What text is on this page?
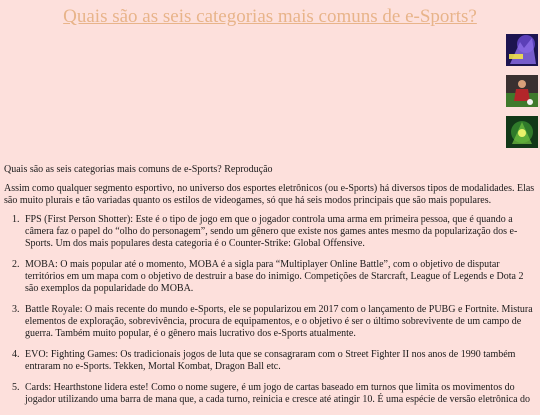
Quais são as seis categorias mais comuns de e-Sports?

Quais são as seis categorias mais comuns de e-Sports? Reprodução

Assim como qualquer segmento esportivo, no universo dos esportes eletrônicos (ou e-Sports) há diversos tipos de modalidades. Elas são muito plurais e tão variadas quanto os estilos de videogames, só que há seis modos principais que são mais populares.

1. FPS (First Person Shotter): Este é o tipo de jogo em que o jogador controla uma arma em primeira pessoa, que é quando a câmera faz o papel do “olho do personagem”, sendo um gênero que existe nos games antes mesmo da popularização dos e-Sports. Um dos mais populares desta categoria é o Counter-Strike: Global Offensive.
2. MOBA: O mais popular até o momento, MOBA é a sigla para “Multiplayer Online Battle”, com o objetivo de disputar territórios em um mapa com o objetivo de destruir a base do inimigo. Competições de Starcraft, League of Legends e Dota 2 são exemplos da popularidade do MOBA.
3. Battle Royale: O mais recente do mundo e-Sports, ele se popularizou em 2017 com o lançamento de PUBG e Fortnite. Mistura elementos de exploração, sobrevivência, procura de equipamentos, e o objetivo é ser o último sobrevivente de um campo de guerra. Também muito popular, é o gênero mais lucrativo dos e-Sports atualmente.
4. EVO: Fighting Games: Os tradicionais jogos de luta que se consagraram com o Street Fighter II nos anos de 1990 também entraram no e-Sports. Tekken, Mortal Kombat, Dragon Ball etc.
5. Cards: Hearthstone lidera este! Como o nome sugere, é um jogo de cartas baseado em turnos que limita os movimentos do jogador utilizando uma barra de mana que, a cada turno, reinicia e cresce até atingir 10. É uma espécie de versão eletrônica do
